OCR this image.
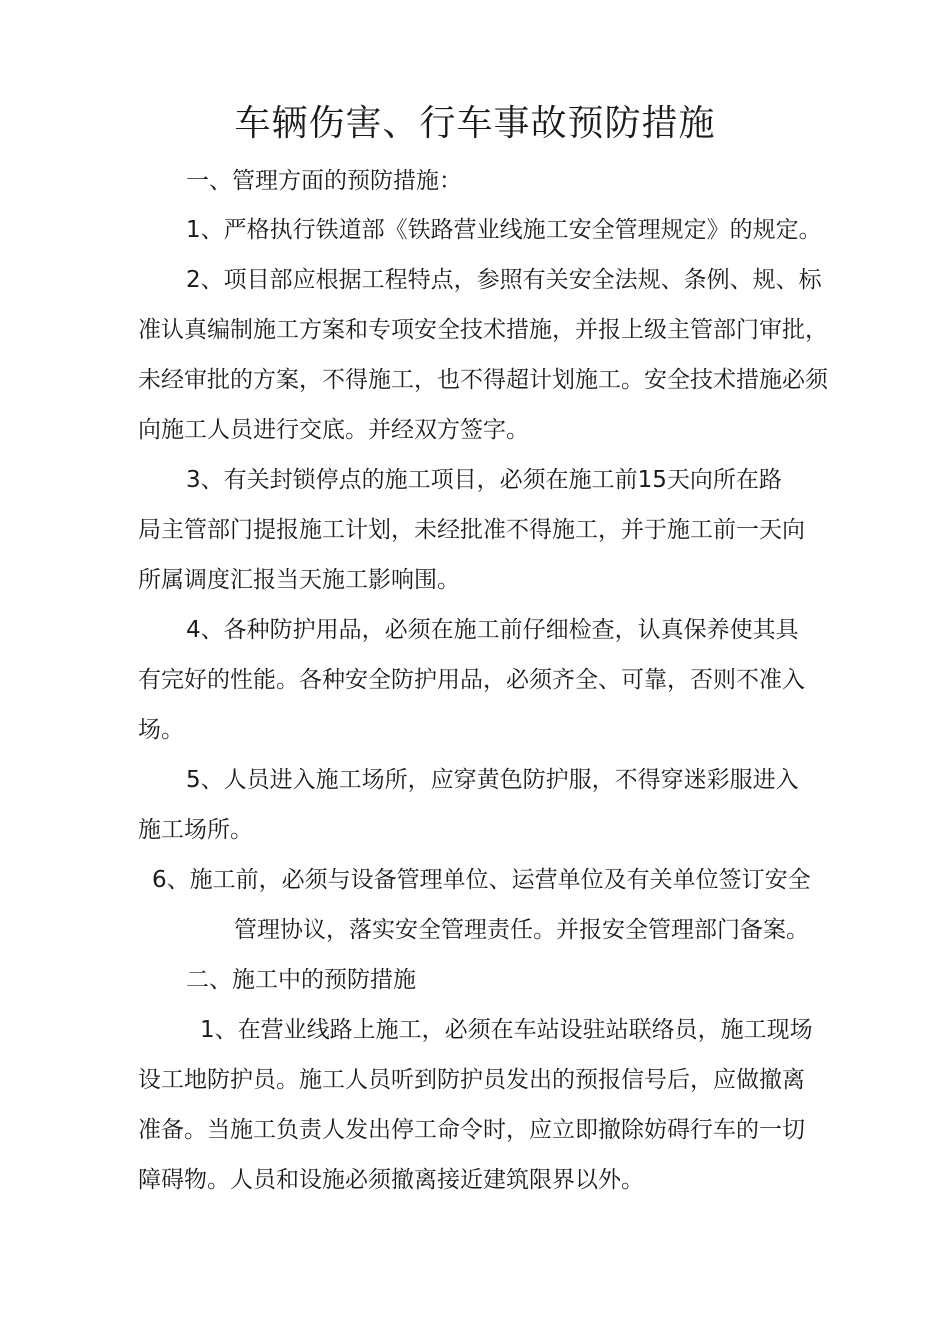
车辆伤害、行车事故预防措施
一、管理方面的预防措施：
1、严格执行铁道部《铁路营业线施工安全管理规定》的规定。
2、项目部应根据工程特点，参照有关安全法规、条例、规、标
准认真编制施工方案和专项安全技术措施，并报上级主管部门审批，
未经审批的方案，不得施工，也不得超计划施工。安全技术措施必须
向施工人员进行交底。并经双方签字。
3、有关封锁停点的施工项目，必须在施工前15天向所在路
局主管部门提报施工计划，未经批准不得施工，并于施工前一天向
所属调度汇报当天施工影响围。
4、各种防护用品，必须在施工前仔细检查，认真保养使其具
有完好的性能。各种安全防护用品，必须齐全、可靠，否则不准入
场。
5、人员进入施工场所，应穿黄色防护服，不得穿迷彩服进入
施工场所。
6、施工前，必须与设备管理单位、运营单位及有关单位签订安全
管理协议，落实安全管理责任。并报安全管理部门备案。
二、施工中的预防措施
1、在营业线路上施工，必须在车站设驻站联络员，施工现场
设工地防护员。施工人员听到防护员发出的预报信号后，应做撤离
准备。当施工负责人发出停工命令时，应立即撤除妨碍行车的一切
障碍物。人员和设施必须撤离接近建筑限界以外。
